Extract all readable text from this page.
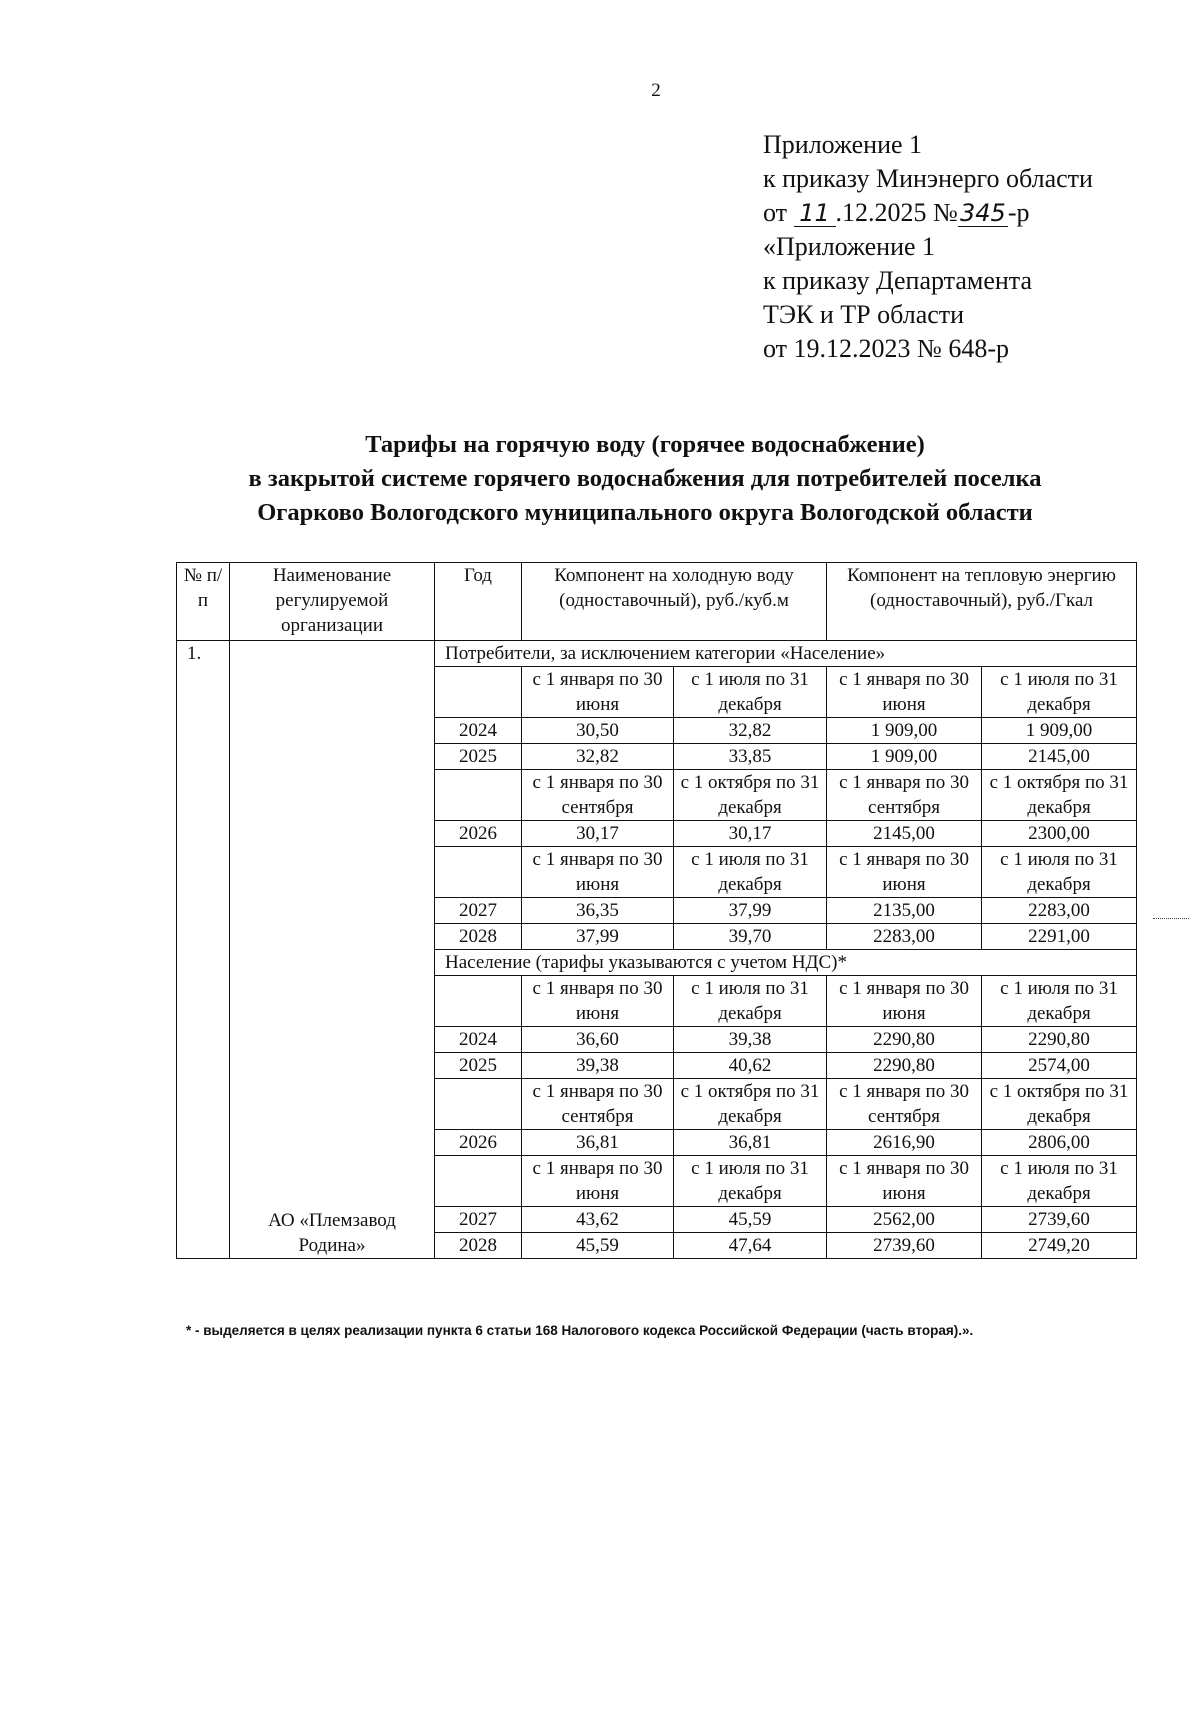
2
Приложение 1
к приказу Минэнерго области
от 11 .12.2025 №345-р
«Приложение 1
к приказу Департамента
ТЭК и ТР области
от 19.12.2023 № 648-р
Тарифы на горячую воду (горячее водоснабжение)
в закрытой системе горячего водоснабжения для потребителей поселка
Огарково Вологодского муниципального округа Вологодской области
№ п/п	Наименование регулируемой организации	Год	Компонент на холодную воду (одноставочный), руб./куб.м		Компонент на тепловую энергию (одноставочный), руб./Гкал	
1.	АО «Племзавод Родина»	Потребители, за исключением категории «Население»				
			с 1 января по 30 июня	с 1 июля по 31 декабря	с 1 января по 30 июня	с 1 июля по 31 декабря
		2024	30,50	32,82	1 909,00	1 909,00
		2025	32,82	33,85	1 909,00	2145,00
			с 1 января по 30 сентября	с 1 октября по 31 декабря	с 1 января по 30 сентября	с 1 октября по 31 декабря
		2026	30,17	30,17	2145,00	2300,00
			с 1 января по 30 июня	с 1 июля по 31 декабря	с 1 января по 30 июня	с 1 июля по 31 декабря
		2027	36,35	37,99	2135,00	2283,00
		2028	37,99	39,70	2283,00	2291,00
		Население (тарифы указываются с учетом НДС)*				
			с 1 января по 30 июня	с 1 июля по 31 декабря	с 1 января по 30 июня	с 1 июля по 31 декабря
		2024	36,60	39,38	2290,80	2290,80
		2025	39,38	40,62	2290,80	2574,00
			с 1 января по 30 сентября	с 1 октября по 31 декабря	с 1 января по 30 сентября	с 1 октября по 31 декабря
		2026	36,81	36,81	2616,90	2806,00
			с 1 января по 30 июня	с 1 июля по 31 декабря	с 1 января по 30 июня	с 1 июля по 31 декабря
		2027	43,62	45,59	2562,00	2739,60
		2028	45,59	47,64	2739,60	2749,20
* - выделяется в целях реализации пункта 6 статьи 168 Налогового кодекса Российской Федерации (часть вторая).».
